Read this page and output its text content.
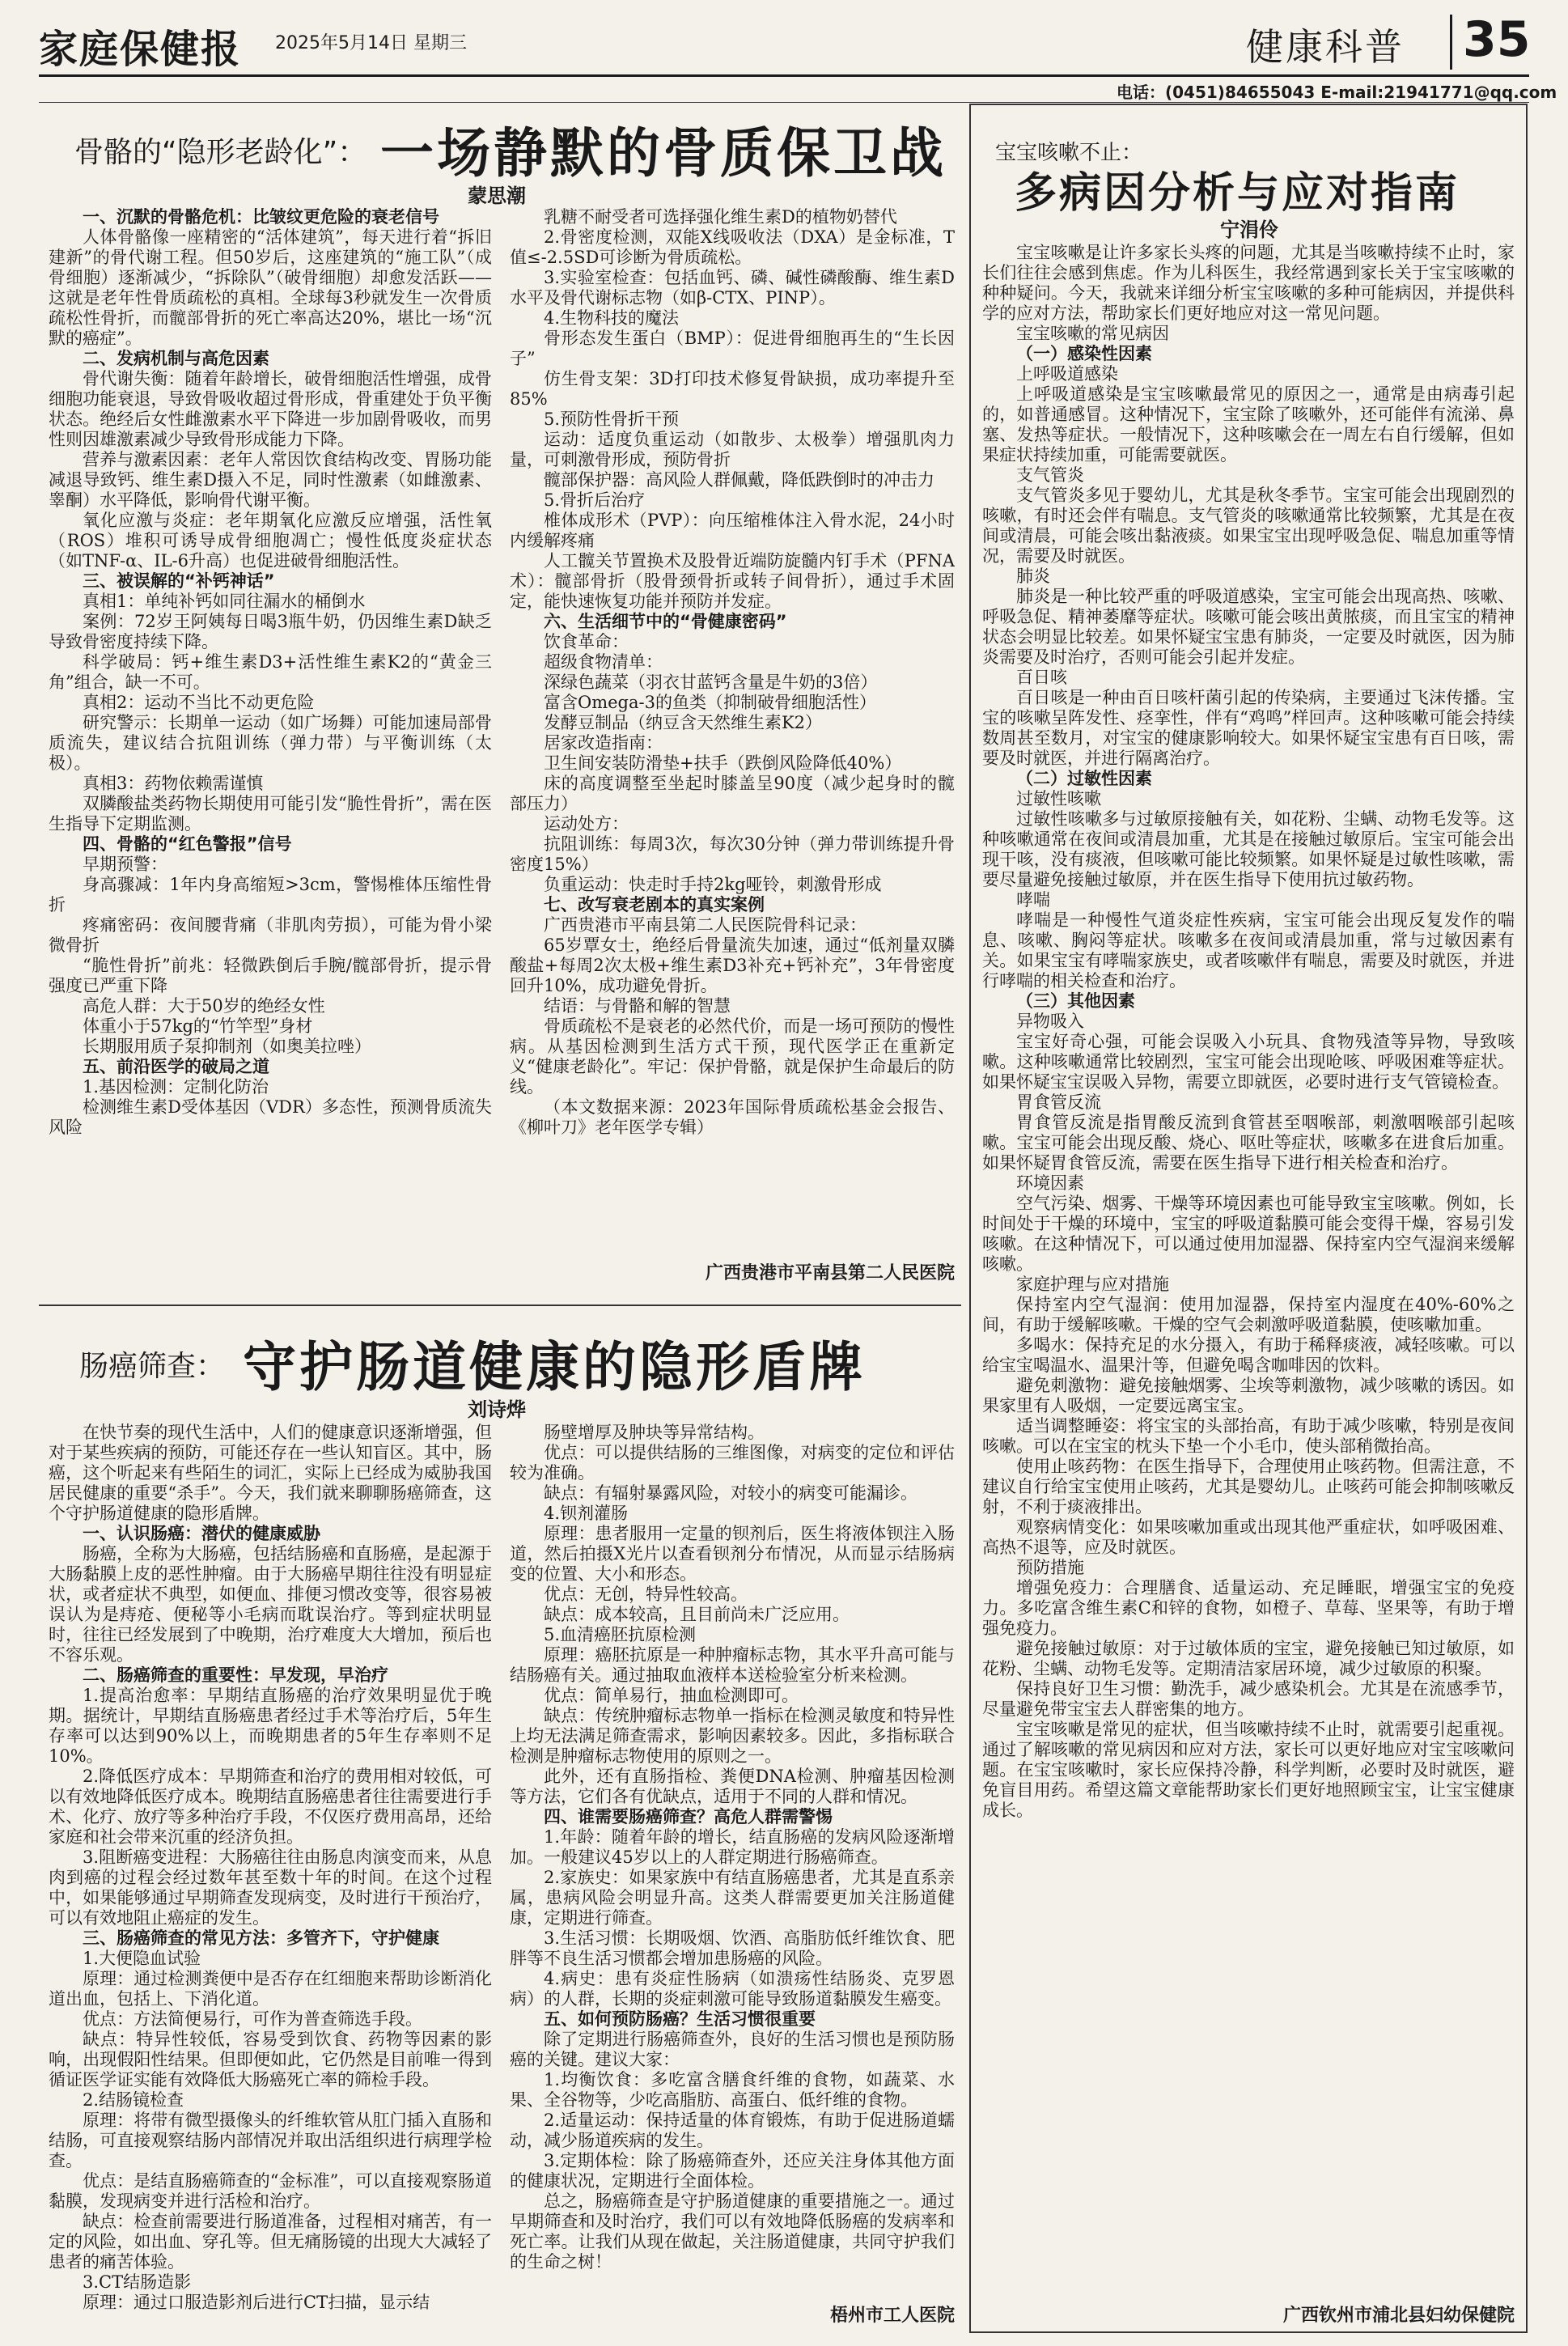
家庭保健报 2025年5月14日 星期三	健康科普 35
电话：(0451)84655043 E-mail:21941771@qq.com
骨骼的“隐形老龄化”： 一场静默的骨质保卫战
蒙思潮

一、沉默的骨骼危机：比皱纹更危险的衰老信号

人体骨骼像一座精密的“活体建筑”，每天进行着“拆旧建新”的骨代谢工程。但50岁后，这座建筑的“施工队”（成骨细胞）逐渐减少，“拆除队”（破骨细胞）却愈发活跃——这就是老年性骨质疏松的真相。全球每3秒就发生一次骨质疏松性骨折，而髋部骨折的死亡率高达20%，堪比一场“沉默的癌症”。

二、发病机制与高危因素

骨代谢失衡：随着年龄增长，破骨细胞活性增强，成骨细胞功能衰退，导致骨吸收超过骨形成，骨重建处于负平衡状态。绝经后女性雌激素水平下降进一步加剧骨吸收，而男性则因雄激素减少导致骨形成能力下降。

营养与激素因素：老年人常因饮食结构改变、胃肠功能减退导致钙、维生素D摄入不足，同时性激素（如雌激素、睾酮）水平降低，影响骨代谢平衡。

氧化应激与炎症：老年期氧化应激反应增强，活性氧（ROS）堆积可诱导成骨细胞凋亡；慢性低度炎症状态（如TNF-α、IL-6升高）也促进破骨细胞活性。

三、被误解的“补钙神话”

真相1：单纯补钙如同往漏水的桶倒水

案例：72岁王阿姨每日喝3瓶牛奶，仍因维生素D缺乏导致骨密度持续下降。

科学破局：钙+维生素D3+活性维生素K2的“黄金三角”组合，缺一不可。

真相2：运动不当比不动更危险

研究警示：长期单一运动（如广场舞）可能加速局部骨质流失，建议结合抗阻训练（弹力带）与平衡训练（太极）。

真相3：药物依赖需谨慎

双膦酸盐类药物长期使用可能引发“脆性骨折”，需在医生指导下定期监测。

四、骨骼的“红色警报”信号

早期预警：

身高骤减：1年内身高缩短>3cm，警惕椎体压缩性骨折

疼痛密码：夜间腰背痛（非肌肉劳损），可能为骨小梁微骨折

“脆性骨折”前兆：轻微跌倒后手腕/髋部骨折，提示骨强度已严重下降

高危人群：大于50岁的绝经女性

体重小于57kg的“竹竿型”身材

长期服用质子泵抑制剂（如奥美拉唑）

五、前沿医学的破局之道

1.基因检测：定制化防治

检测维生素D受体基因（VDR）多态性，预测骨质流失风险

乳糖不耐受者可选择强化维生素D的植物奶替代

2.骨密度检测，双能X线吸收法（DXA）是金标准，T值≤-2.5SD可诊断为骨质疏松。

3.实验室检查：包括血钙、磷、碱性磷酸酶、维生素D水平及骨代谢标志物（如β-CTX、PINP）。

4.生物科技的魔法

骨形态发生蛋白（BMP）：促进骨细胞再生的“生长因子”

仿生骨支架：3D打印技术修复骨缺损，成功率提升至85%

5.预防性骨折干预

运动：适度负重运动（如散步、太极拳）增强肌肉力量，可刺激骨形成，预防骨折

髋部保护器：高风险人群佩戴，降低跌倒时的冲击力

5.骨折后治疗

椎体成形术（PVP）：向压缩椎体注入骨水泥，24小时内缓解疼痛

人工髋关节置换术及股骨近端防旋髓内钉手术（PFNA术）：髋部骨折（股骨颈骨折或转子间骨折），通过手术固定，能快速恢复功能并预防并发症。

六、生活细节中的“骨健康密码”

饮食革命：

超级食物清单：

深绿色蔬菜（羽衣甘蓝钙含量是牛奶的3倍）

富含Omega-3的鱼类（抑制破骨细胞活性）

发酵豆制品（纳豆含天然维生素K2）

居家改造指南：

卫生间安装防滑垫+扶手（跌倒风险降低40%）

床的高度调整至坐起时膝盖呈90度（减少起身时的髋部压力）

运动处方：

抗阻训练：每周3次，每次30分钟（弹力带训练提升骨密度15%）

负重运动：快走时手持2kg哑铃，刺激骨形成

七、改写衰老剧本的真实案例

广西贵港市平南县第二人民医院骨科记录：

65岁覃女士，绝经后骨量流失加速，通过“低剂量双膦酸盐+每周2次太极+维生素D3补充+钙补充”，3年骨密度回升10%，成功避免骨折。

结语：与骨骼和解的智慧

骨质疏松不是衰老的必然代价，而是一场可预防的慢性病。从基因检测到生活方式干预，现代医学正在重新定义“健康老龄化”。牢记：保护骨骼，就是保护生命最后的防线。

（本文数据来源：2023年国际骨质疏松基金会报告、《柳叶刀》老年医学专辑）

广西贵港市平南县第二人民医院
肠癌筛查： 守护肠道健康的隐形盾牌
刘诗烨

在快节奏的现代生活中，人们的健康意识逐渐增强，但对于某些疾病的预防，可能还存在一些认知盲区。其中，肠癌，这个听起来有些陌生的词汇，实际上已经成为威胁我国居民健康的重要“杀手”。今天，我们就来聊聊肠癌筛查，这个守护肠道健康的隐形盾牌。

一、认识肠癌：潜伏的健康威胁

肠癌，全称为大肠癌，包括结肠癌和直肠癌，是起源于大肠黏膜上皮的恶性肿瘤。由于大肠癌早期往往没有明显症状，或者症状不典型，如便血、排便习惯改变等，很容易被误认为是痔疮、便秘等小毛病而耽误治疗。等到症状明显时，往往已经发展到了中晚期，治疗难度大大增加，预后也不容乐观。

二、肠癌筛查的重要性：早发现，早治疗

1.提高治愈率：早期结直肠癌的治疗效果明显优于晚期。据统计，早期结直肠癌患者经过手术等治疗后，5年生存率可以达到90%以上，而晚期患者的5年生存率则不足10%。

2.降低医疗成本：早期筛查和治疗的费用相对较低，可以有效地降低医疗成本。晚期结直肠癌患者往往需要进行手术、化疗、放疗等多种治疗手段，不仅医疗费用高昂，还给家庭和社会带来沉重的经济负担。

3.阻断癌变进程：大肠癌往往由肠息肉演变而来，从息肉到癌的过程会经过数年甚至数十年的时间。在这个过程中，如果能够通过早期筛查发现病变，及时进行干预治疗，可以有效地阻止癌症的发生。

三、肠癌筛查的常见方法：多管齐下，守护健康

1.大便隐血试验

原理：通过检测粪便中是否存在红细胞来帮助诊断消化道出血，包括上、下消化道。

优点：方法简便易行，可作为普查筛选手段。

缺点：特异性较低，容易受到饮食、药物等因素的影响，出现假阳性结果。但即便如此，它仍然是目前唯一得到循证医学证实能有效降低大肠癌死亡率的筛检手段。

2.结肠镜检查

原理：将带有微型摄像头的纤维软管从肛门插入直肠和结肠，可直接观察结肠内部情况并取出活组织进行病理学检查。

优点：是结直肠癌筛查的“金标准”，可以直接观察肠道黏膜，发现病变并进行活检和治疗。

缺点：检查前需要进行肠道准备，过程相对痛苦，有一定的风险，如出血、穿孔等。但无痛肠镜的出现大大减轻了患者的痛苦体验。

3.CT结肠造影

原理：通过口服造影剂后进行CT扫描，显示结

肠壁增厚及肿块等异常结构。

优点：可以提供结肠的三维图像，对病变的定位和评估较为准确。

缺点：有辐射暴露风险，对较小的病变可能漏诊。

4.钡剂灌肠

原理：患者服用一定量的钡剂后，医生将液体钡注入肠道，然后拍摄X光片以查看钡剂分布情况，从而显示结肠病变的位置、大小和形态。

优点：无创，特异性较高。

缺点：成本较高，且目前尚未广泛应用。

5.血清癌胚抗原检测

原理：癌胚抗原是一种肿瘤标志物，其水平升高可能与结肠癌有关。通过抽取血液样本送检验室分析来检测。

优点：简单易行，抽血检测即可。

缺点：传统肿瘤标志物单一指标在检测灵敏度和特异性上均无法满足筛查需求，影响因素较多。因此，多指标联合检测是肿瘤标志物使用的原则之一。

此外，还有直肠指检、粪便DNA检测、肿瘤基因检测等方法，它们各有优缺点，适用于不同的人群和情况。

四、谁需要肠癌筛查？高危人群需警惕

1.年龄：随着年龄的增长，结直肠癌的发病风险逐渐增加。一般建议45岁以上的人群定期进行肠癌筛查。

2.家族史：如果家族中有结直肠癌患者，尤其是直系亲属，患病风险会明显升高。这类人群需要更加关注肠道健康，定期进行筛查。

3.生活习惯：长期吸烟、饮酒、高脂肪低纤维饮食、肥胖等不良生活习惯都会增加患肠癌的风险。

4.病史：患有炎症性肠病（如溃疡性结肠炎、克罗恩病）的人群，长期的炎症刺激可能导致肠道黏膜发生癌变。

五、如何预防肠癌？生活习惯很重要

除了定期进行肠癌筛查外，良好的生活习惯也是预防肠癌的关键。建议大家：

1.均衡饮食：多吃富含膳食纤维的食物，如蔬菜、水果、全谷物等，少吃高脂肪、高蛋白、低纤维的食物。

2.适量运动：保持适量的体育锻炼，有助于促进肠道蠕动，减少肠道疾病的发生。

3.定期体检：除了肠癌筛查外，还应关注身体其他方面的健康状况，定期进行全面体检。

总之，肠癌筛查是守护肠道健康的重要措施之一。通过早期筛查和及时治疗，我们可以有效地降低肠癌的发病率和死亡率。让我们从现在做起，关注肠道健康，共同守护我们的生命之树！

梧州市工人医院
宝宝咳嗽不止：
多病因分析与应对指南
宁涓伶

宝宝咳嗽是让许多家长头疼的问题，尤其是当咳嗽持续不止时，家长们往往会感到焦虑。作为儿科医生，我经常遇到家长关于宝宝咳嗽的种种疑问。今天，我就来详细分析宝宝咳嗽的多种可能病因，并提供科学的应对方法，帮助家长们更好地应对这一常见问题。

宝宝咳嗽的常见病因

（一）感染性因素

上呼吸道感染

上呼吸道感染是宝宝咳嗽最常见的原因之一，通常是由病毒引起的，如普通感冒。这种情况下，宝宝除了咳嗽外，还可能伴有流涕、鼻塞、发热等症状。一般情况下，这种咳嗽会在一周左右自行缓解，但如果症状持续加重，可能需要就医。

支气管炎

支气管炎多见于婴幼儿，尤其是秋冬季节。宝宝可能会出现剧烈的咳嗽，有时还会伴有喘息。支气管炎的咳嗽通常比较频繁，尤其是在夜间或清晨，可能会咳出黏液痰。如果宝宝出现呼吸急促、喘息加重等情况，需要及时就医。

肺炎

肺炎是一种比较严重的呼吸道感染，宝宝可能会出现高热、咳嗽、呼吸急促、精神萎靡等症状。咳嗽可能会咳出黄脓痰，而且宝宝的精神状态会明显比较差。如果怀疑宝宝患有肺炎，一定要及时就医，因为肺炎需要及时治疗，否则可能会引起并发症。

百日咳

百日咳是一种由百日咳杆菌引起的传染病，主要通过飞沫传播。宝宝的咳嗽呈阵发性、痉挛性，伴有“鸡鸣”样回声。这种咳嗽可能会持续数周甚至数月，对宝宝的健康影响较大。如果怀疑宝宝患有百日咳，需要及时就医，并进行隔离治疗。

（二）过敏性因素

过敏性咳嗽

过敏性咳嗽多与过敏原接触有关，如花粉、尘螨、动物毛发等。这种咳嗽通常在夜间或清晨加重，尤其是在接触过敏原后。宝宝可能会出现干咳，没有痰液，但咳嗽可能比较频繁。如果怀疑是过敏性咳嗽，需要尽量避免接触过敏原，并在医生指导下使用抗过敏药物。

哮喘

哮喘是一种慢性气道炎症性疾病，宝宝可能会出现反复发作的喘息、咳嗽、胸闷等症状。咳嗽多在夜间或清晨加重，常与过敏因素有关。如果宝宝有哮喘家族史，或者咳嗽伴有喘息，需要及时就医，并进行哮喘的相关检查和治疗。

（三）其他因素

异物吸入

宝宝好奇心强，可能会误吸入小玩具、食物残渣等异物，导致咳嗽。这种咳嗽通常比较剧烈，宝宝可能会出现呛咳、呼吸困难等症状。如果怀疑宝宝误吸入异物，需要立即就医，必要时进行支气管镜检查。

胃食管反流

胃食管反流是指胃酸反流到食管甚至咽喉部，刺激咽喉部引起咳嗽。宝宝可能会出现反酸、烧心、呕吐等症状，咳嗽多在进食后加重。如果怀疑胃食管反流，需要在医生指导下进行相关检查和治疗。

环境因素

空气污染、烟雾、干燥等环境因素也可能导致宝宝咳嗽。例如，长时间处于干燥的环境中，宝宝的呼吸道黏膜可能会变得干燥，容易引发咳嗽。在这种情况下，可以通过使用加湿器、保持室内空气湿润来缓解咳嗽。

家庭护理与应对措施

保持室内空气湿润：使用加湿器，保持室内湿度在40%-60%之间，有助于缓解咳嗽。干燥的空气会刺激呼吸道黏膜，使咳嗽加重。

多喝水：保持充足的水分摄入，有助于稀释痰液，减轻咳嗽。可以给宝宝喝温水、温果汁等，但避免喝含咖啡因的饮料。

避免刺激物：避免接触烟雾、尘埃等刺激物，减少咳嗽的诱因。如果家里有人吸烟，一定要远离宝宝。

适当调整睡姿：将宝宝的头部抬高，有助于减少咳嗽，特别是夜间咳嗽。可以在宝宝的枕头下垫一个小毛巾，使头部稍微抬高。

使用止咳药物：在医生指导下，合理使用止咳药物。但需注意，不建议自行给宝宝使用止咳药，尤其是婴幼儿。止咳药可能会抑制咳嗽反射，不利于痰液排出。

观察病情变化：如果咳嗽加重或出现其他严重症状，如呼吸困难、高热不退等，应及时就医。

预防措施

增强免疫力：合理膳食、适量运动、充足睡眠，增强宝宝的免疫力。多吃富含维生素C和锌的食物，如橙子、草莓、坚果等，有助于增强免疫力。

避免接触过敏原：对于过敏体质的宝宝，避免接触已知过敏原，如花粉、尘螨、动物毛发等。定期清洁家居环境，减少过敏原的积聚。

保持良好卫生习惯：勤洗手，减少感染机会。尤其是在流感季节，尽量避免带宝宝去人群密集的地方。

宝宝咳嗽是常见的症状，但当咳嗽持续不止时，就需要引起重视。通过了解咳嗽的常见病因和应对方法，家长可以更好地应对宝宝咳嗽问题。在宝宝咳嗽时，家长应保持冷静，科学判断，必要时及时就医，避免盲目用药。希望这篇文章能帮助家长们更好地照顾宝宝，让宝宝健康成长。

广西钦州市浦北县妇幼保健院
